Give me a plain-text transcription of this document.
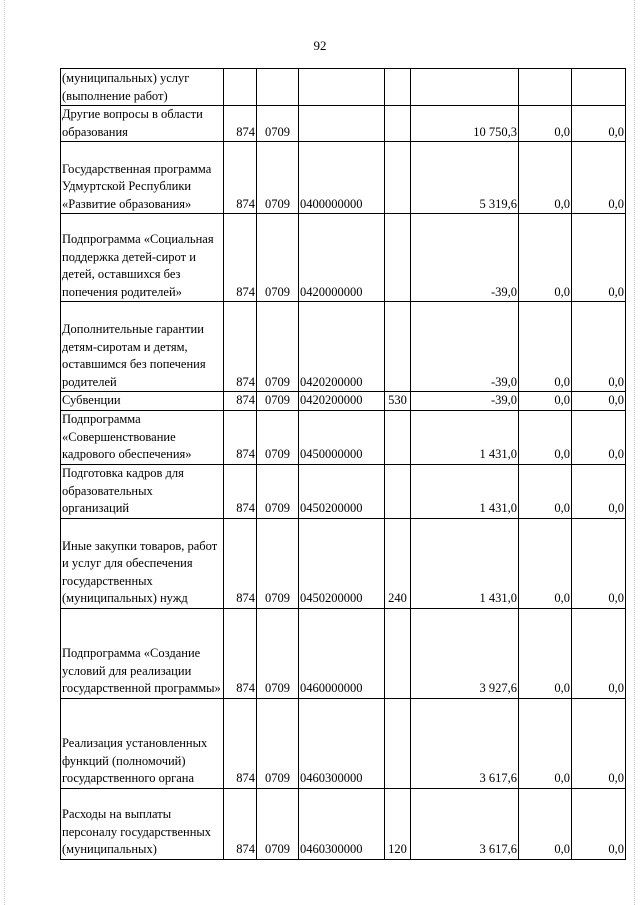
92
(муниципальных) услуг (выполнение работ)							
Другие вопросы в области образования	874	0709			10 750,3	0,0	0,0
Государственная программа Удмуртской Республики «Развитие образования»	874	0709	0400000000		5 319,6	0,0	0,0
Подпрограмма «Социальная поддержка детей-сирот и детей, оставшихся без попечения родителей»	874	0709	0420000000		-39,0	0,0	0,0
Дополнительные гарантии детям-сиротам и детям, оставшимся без попечения родителей	874	0709	0420200000		-39,0	0,0	0,0
Субвенции	874	0709	0420200000	530	-39,0	0,0	0,0
Подпрограмма «Совершенствование кадрового обеспечения»	874	0709	0450000000		1 431,0	0,0	0,0
Подготовка кадров для образовательных организаций	874	0709	0450200000		1 431,0	0,0	0,0
Иные закупки товаров, работ и услуг для обеспечения государственных (муниципальных) нужд	874	0709	0450200000	240	1 431,0	0,0	0,0
Подпрограмма «Создание условий для реализации государственной программы»	874	0709	0460000000		3 927,6	0,0	0,0
Реализация установленных функций (полномочий) государственного органа	874	0709	0460300000		3 617,6	0,0	0,0
Расходы на выплаты персоналу государственных (муниципальных)	874	0709	0460300000	120	3 617,6	0,0	0,0
